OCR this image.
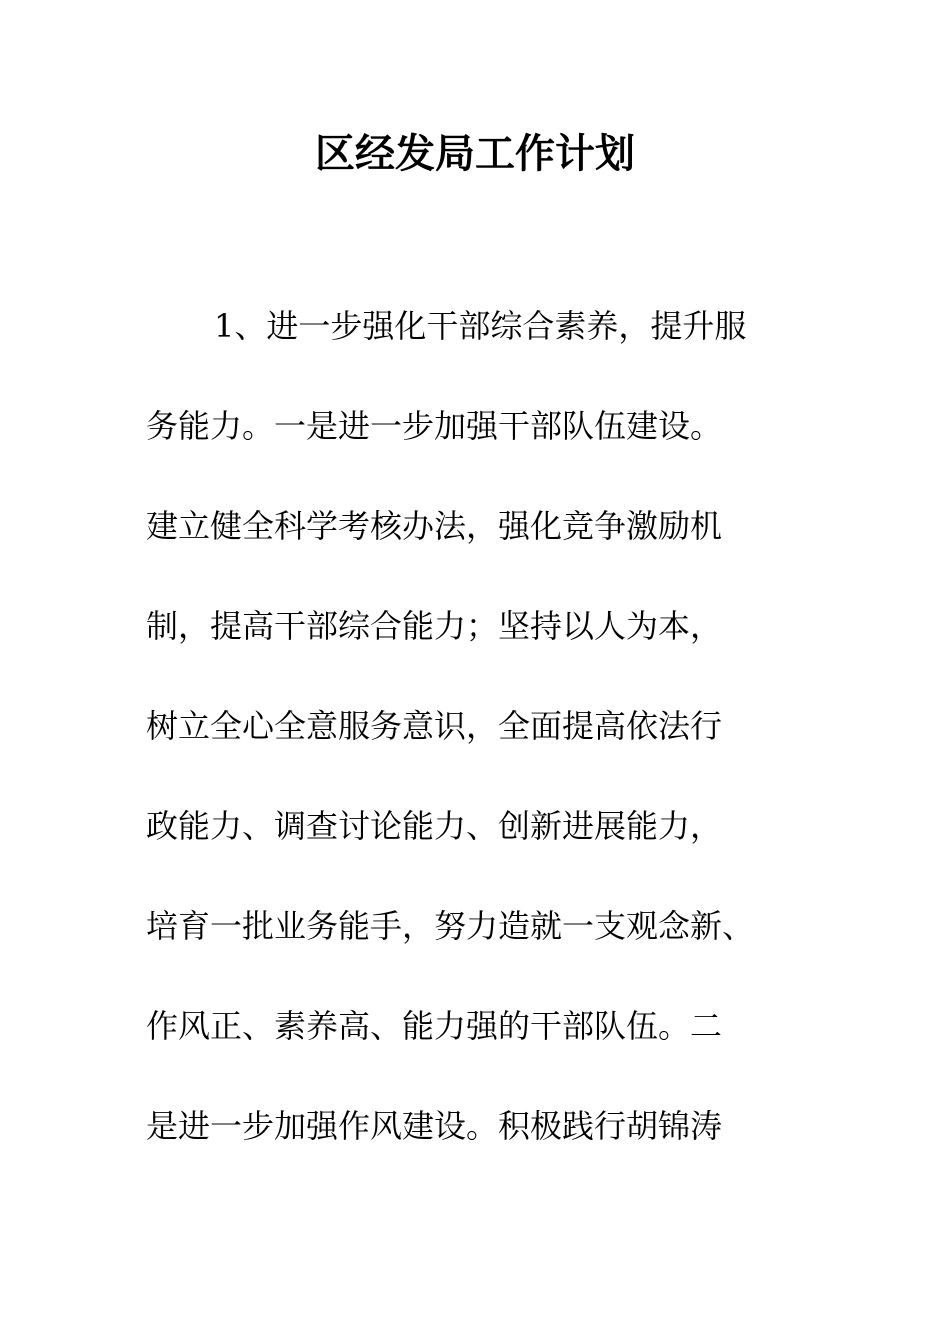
区经发局工作计划
1、进一步强化干部综合素养，提升服
务能力。一是进一步加强干部队伍建设。
建立健全科学考核办法，强化竞争激励机
制，提高干部综合能力；坚持以人为本，
树立全心全意服务意识，全面提高依法行
政能力、调查讨论能力、创新进展能力，
培育一批业务能手，努力造就一支观念新、
作风正、素养高、能力强的干部队伍。二
是进一步加强作风建设。积极践行胡锦涛
